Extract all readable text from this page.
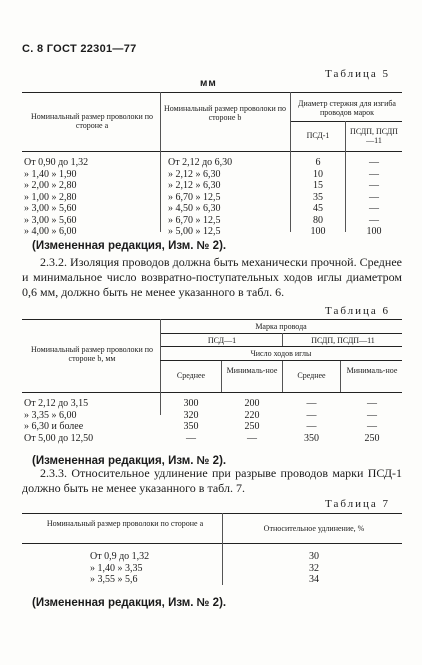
С. 8 ГОСТ 22301—77
мм
Таблица 5
Номинальный размер проволоки по стороне a
Номинальный размер проволоки по стороне b
Диаметр стержня для изгиба проводов марок
ПСД-1	ПСДП, ПСДП—11
От 0,90 до 1,32
» 1,40 » 1,90
» 2,00 » 2,80
» 1,00 » 2,80
» 3,00 » 5,60
» 3,00 » 5,60
» 4,00 » 6,00
От 2,12 до 6,30
» 2,12 » 6,30
» 2,12 » 6,30
» 6,70 » 12,5
» 4,50 » 6,30
» 6,70 » 12,5
» 5,00 » 12,5
6
10
15
35
45
80
100
—
—
—
—
—
—
100
(Измененная редакция, Изм. № 2).
2.3.2. Изоляция проводов должна быть механически прочной. Среднее и минимальное число возвратно-поступательных ходов иглы диаметром 0,6 мм, должно быть не менее указанного в табл. 6.
Таблица 6
Номинальный размер проволоки по стороне b, мм
Марка провода
ПСД—1	ПСДП, ПСДП—11
Число ходов иглы
Среднее
Минималь-ное
Среднее
Минималь-ное
От 2,12 до 3,15
» 3,35 » 6,00
» 6,30 и более
От 5,00 до 12,50
300
320
350
—
200
220
250
—
—
—
—
350
—
—
—
250
(Измененная редакция, Изм. № 2).
2.3.3. Относительное удлинение при разрыве проводов марки ПСД-1 должно быть не менее указанного в табл. 7.
Таблица 7
Номинальный размер проволоки по стороне a
Относительное удлинение, %
От 0,9 до 1,32
» 1,40 » 3,35
» 3,55 » 5,6
30
32
34
(Измененная редакция, Изм. № 2).
